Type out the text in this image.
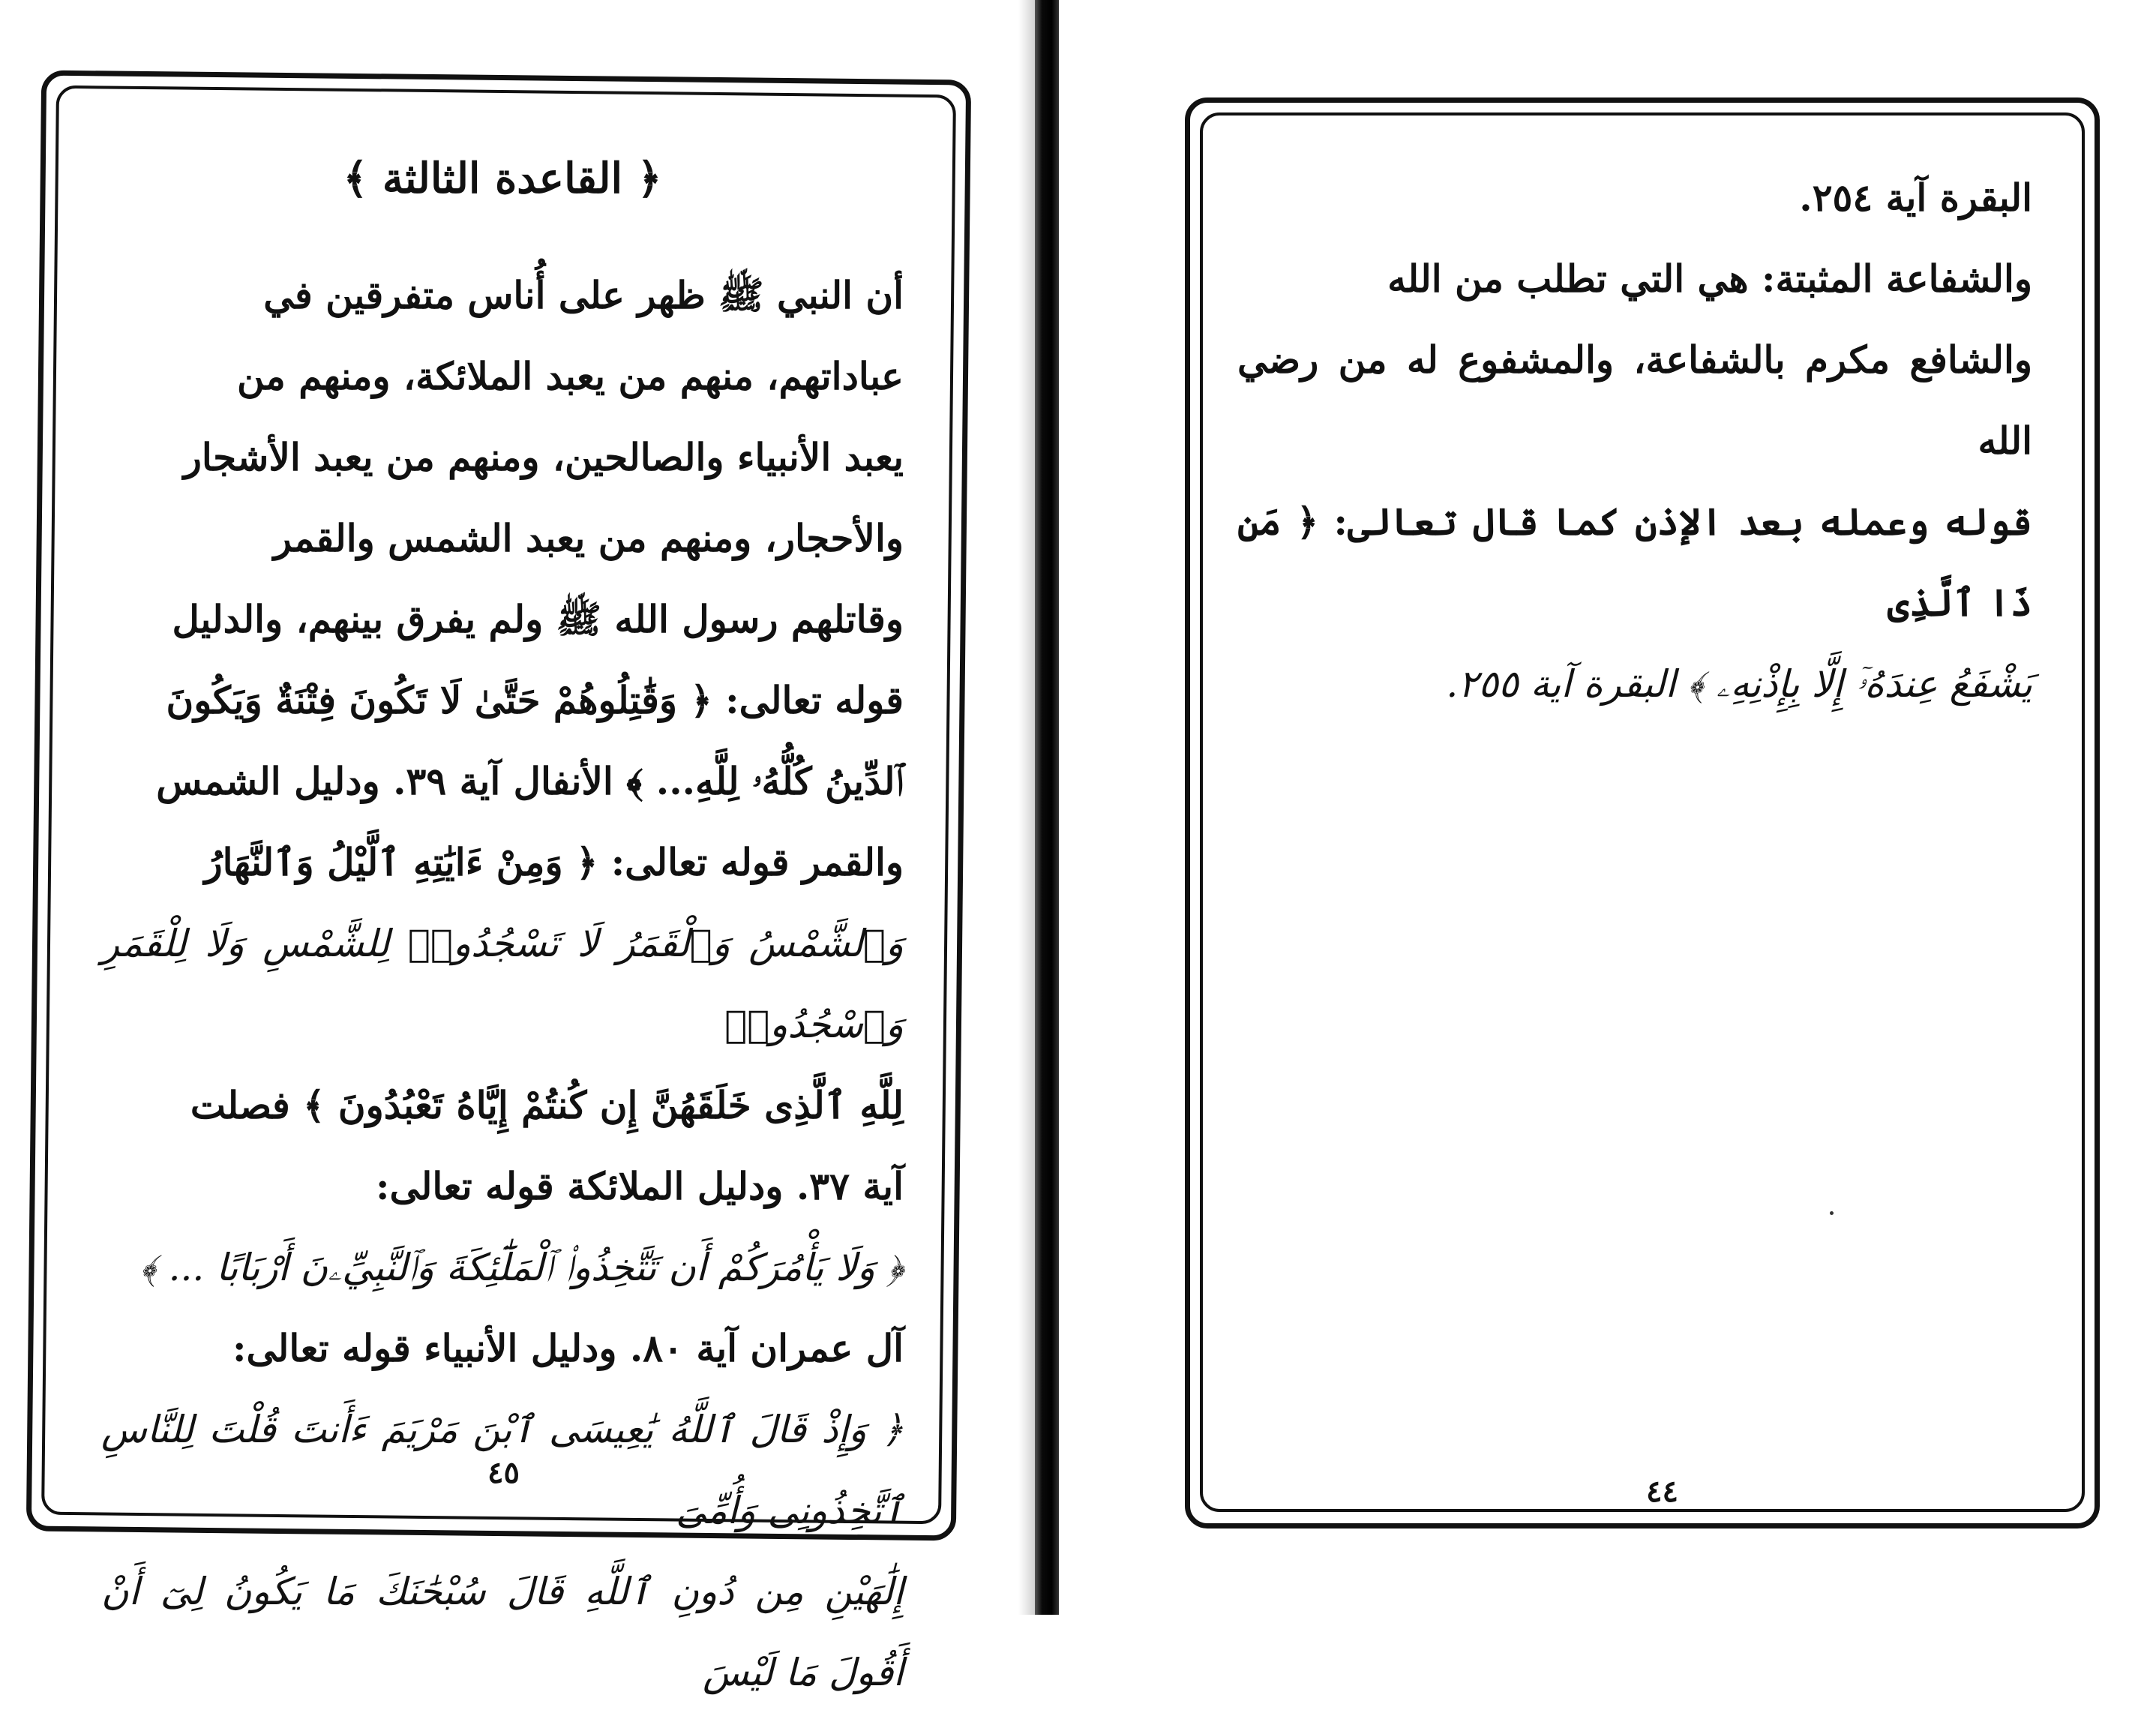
﴿ القاعدة الثالثة ﴾
أن النبي ﷺ ظهر على أُناس متفرقين في
عباداتهم، منهم من يعبد الملائكة، ومنهم من
يعبد الأنبياء والصالحين، ومنهم من يعبد الأشجار
والأحجار، ومنهم من يعبد الشمس والقمر
وقاتلهم رسول الله ﷺ ولم يفرق بينهم، والدليل
قوله تعالى: ﴿ وَقَٰتِلُوهُمْ حَتَّىٰ لَا تَكُونَ فِتْنَةٌ وَيَكُونَ
ٱلدِّينُ كُلُّهُۥ لِلَّهِ... ﴾ الأنفال آية ٣٩. ودليل الشمس
والقمر قوله تعالى: ﴿ وَمِنْ ءَايَٰتِهِ ٱلَّيْلُ وَٱلنَّهَارُ
وَٱلشَّمْسُ وَٱلْقَمَرُ لَا تَسْجُدُوا۟ لِلشَّمْسِ وَلَا لِلْقَمَرِ وَٱسْجُدُوا۟
لِلَّهِ ٱلَّذِى خَلَقَهُنَّ إِن كُنتُمْ إِيَّاهُ تَعْبُدُونَ ﴾ فصلت
آية ٣٧. ودليل الملائكة قوله تعالى:
﴿ وَلَا يَأْمُرَكُمْ أَن تَتَّخِذُوا۟ ٱلْمَلَٰٓئِكَةَ وَٱلنَّبِيِّۦنَ أَرْبَابًا ... ﴾
آل عمران آية ٨٠. ودليل الأنبياء قوله تعالى:
﴿ وَإِذْ قَالَ ٱللَّهُ يَٰعِيسَى ٱبْنَ مَرْيَمَ ءَأَنتَ قُلْتَ لِلنَّاسِ ٱتَّخِذُونِى وَأُمِّىَ
إِلَٰهَيْنِ مِن دُونِ ٱللَّهِ قَالَ سُبْحَٰنَكَ مَا يَكُونُ لِىٓ أَنْ أَقُولَ مَا لَيْسَ
٤٥
البقرة آية ٢٥٤.
والشفاعة المثبتة: هي التي تطلب من الله
والشافع مكرم بالشفاعة، والمشفوع له من رضي الله
قوله وعمله بعد الإذن كما قال تعالى: ﴿ مَن ذَا ٱلَّذِى
يَشْفَعُ عِندَهُۥٓ إِلَّا بِإِذْنِهِۦ ﴾ البقرة آية ٢٥٥.
٤٤
